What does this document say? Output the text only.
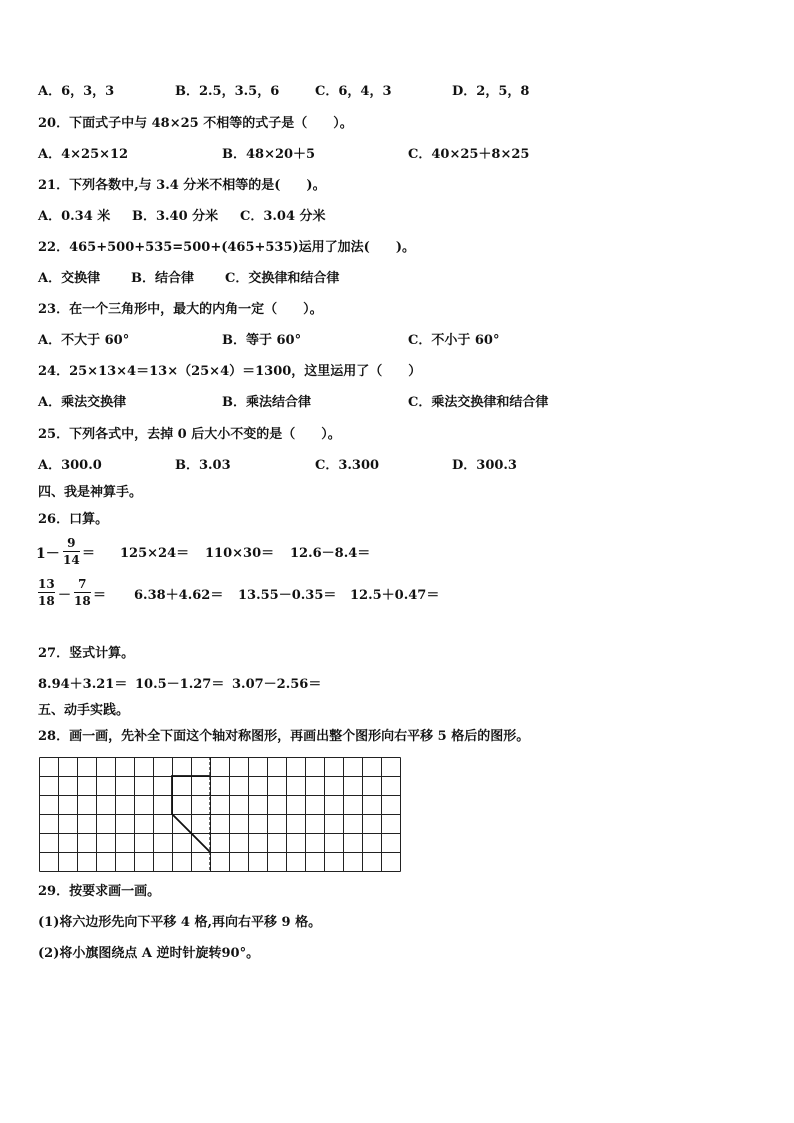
A．6，3，3	B．2.5，3.5，6	C．6，4，3	D．2，5，8
20．下面式子中与 48×25 不相等的式子是（　　）。
A．4×25×12	B．48×20＋5	C．40×25＋8×25
21．下列各数中,与 3.4 分米不相等的是(　　)。
A．0.34 米 B．3.40 分米 C．3.04 分米
22．465+500+535=500+(465+535)运用了加法(　　)。
A．交换律 B．结合律 C．交换律和结合律
23．在一个三角形中，最大的内角一定（　　）。
A．不大于 60°	B．等于 60°	C．不小于 60°
24．25×13×4＝13×（25×4）＝1300，这里运用了（　　）
A．乘法交换律	B．乘法结合律	C．乘法交换律和结合律
25．下列各式中，去掉 0 后大小不变的是（　　）。
A．300.0	B．3.03	C．3.300	D．300.3
四、我是神算手。
26．口算。
1－
9
14 ＝ 125×24＝ 110×30＝ 12.6－8.4＝
13
18 －
7
18 ＝ 6.38＋4.62＝ 13.55－0.35＝ 12.5＋0.47＝
27．竖式计算。
8.94＋3.21＝ 10.5－1.27＝ 3.07－2.56＝
五、动手实践。
28．画一画，先补全下面这个轴对称图形，再画出整个图形向右平移 5 格后的图形。
29．按要求画一画。
(1)将六边形先向下平移 4 格,再向右平移 9 格。
(2)将小旗图绕点 A 逆时针旋转90°。
